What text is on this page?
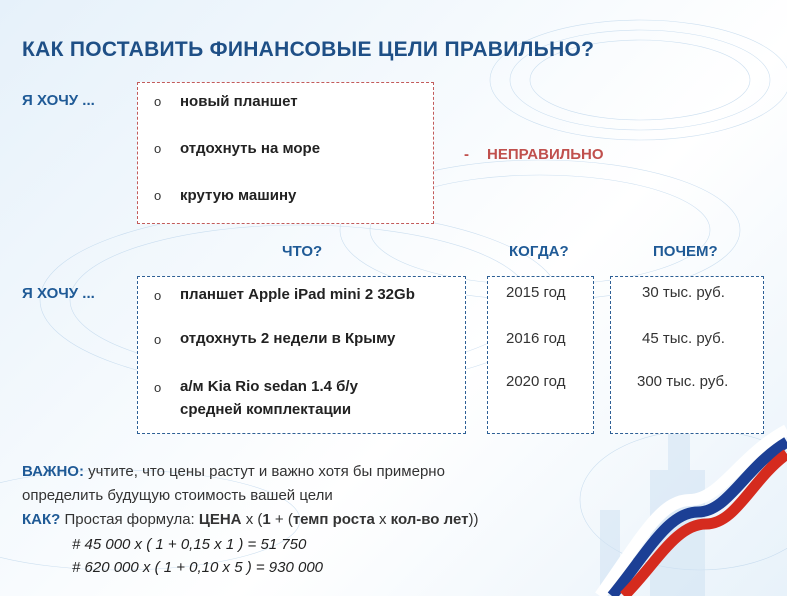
КАК ПОСТАВИТЬ ФИНАНСОВЫЕ ЦЕЛИ ПРАВИЛЬНО?
Я ХОЧУ ...	o новый планшет
o отдохнуть на море
o крутую машину
- НЕПРАВИЛЬНО
ЧТО?	КОГДА?	ПОЧЕМ?
Я ХОЧУ ...	o планшет Apple iPad mini 2 32Gb	2015 год	30 тыс. руб.
o отдохнуть 2 недели в Крыму	2016 год	45 тыс. руб.
o а/м Kia Rio sedan 1.4 б/у
средней комплектации
2020 год	300 тыс. руб.
ВАЖНО: учтите, что цены растут и важно хотя бы примерно
определить будущую стоимость вашей цели
КАК? Простая формула: ЦЕНА х (1 + (темп роста х кол-во лет))
# 45 000 х ( 1 + 0,15 х 1 ) = 51 750
# 620 000 х ( 1 + 0,10 х 5 ) = 930 000
